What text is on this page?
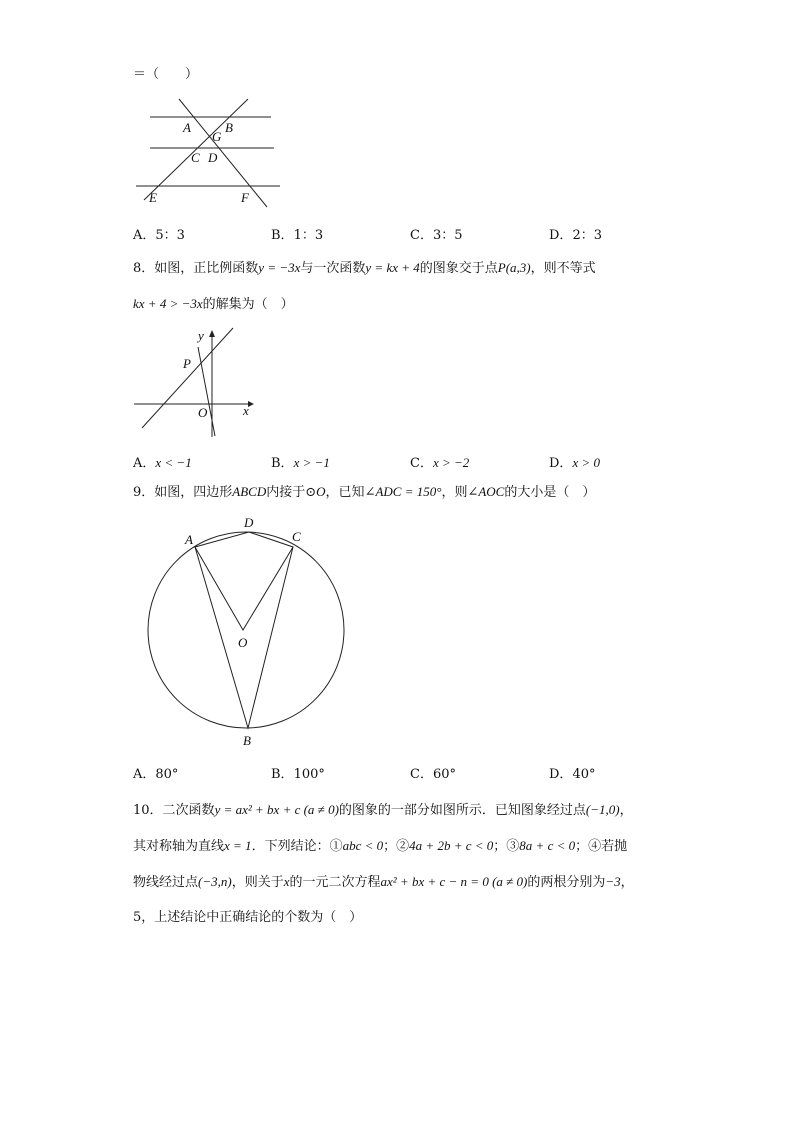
＝（　　）
A	B
G
C D
E	F
A．5：3	B．1：3	C．3：5	D．2：3
8．如图，正比例函数y = −3x与一次函数y = kx + 4的图象交于点P(a,3)，则不等式
kx + 4 > −3x的解集为（　）
y
x
P
O
A．x < −1	B．x > −1	C．x > −2	D．x > 0
9．如图，四边形ABCD内接于⊙O，已知∠ADC = 150°，则∠AOC的大小是（　）
A
D
C
O
B
A．80°	B．100°	C．60°	D．40°
10．二次函数y = ax² + bx + c (a ≠ 0)的图象的一部分如图所示．已知图象经过点(−1,0)，
其对称轴为直线x = 1．下列结论：①abc < 0；②4a + 2b + c < 0；③8a + c < 0；④若抛
物线经过点(−3,n)，则关于x的一元二次方程ax² + bx + c − n = 0 (a ≠ 0)的两根分别为−3，
5，上述结论中正确结论的个数为（　）
